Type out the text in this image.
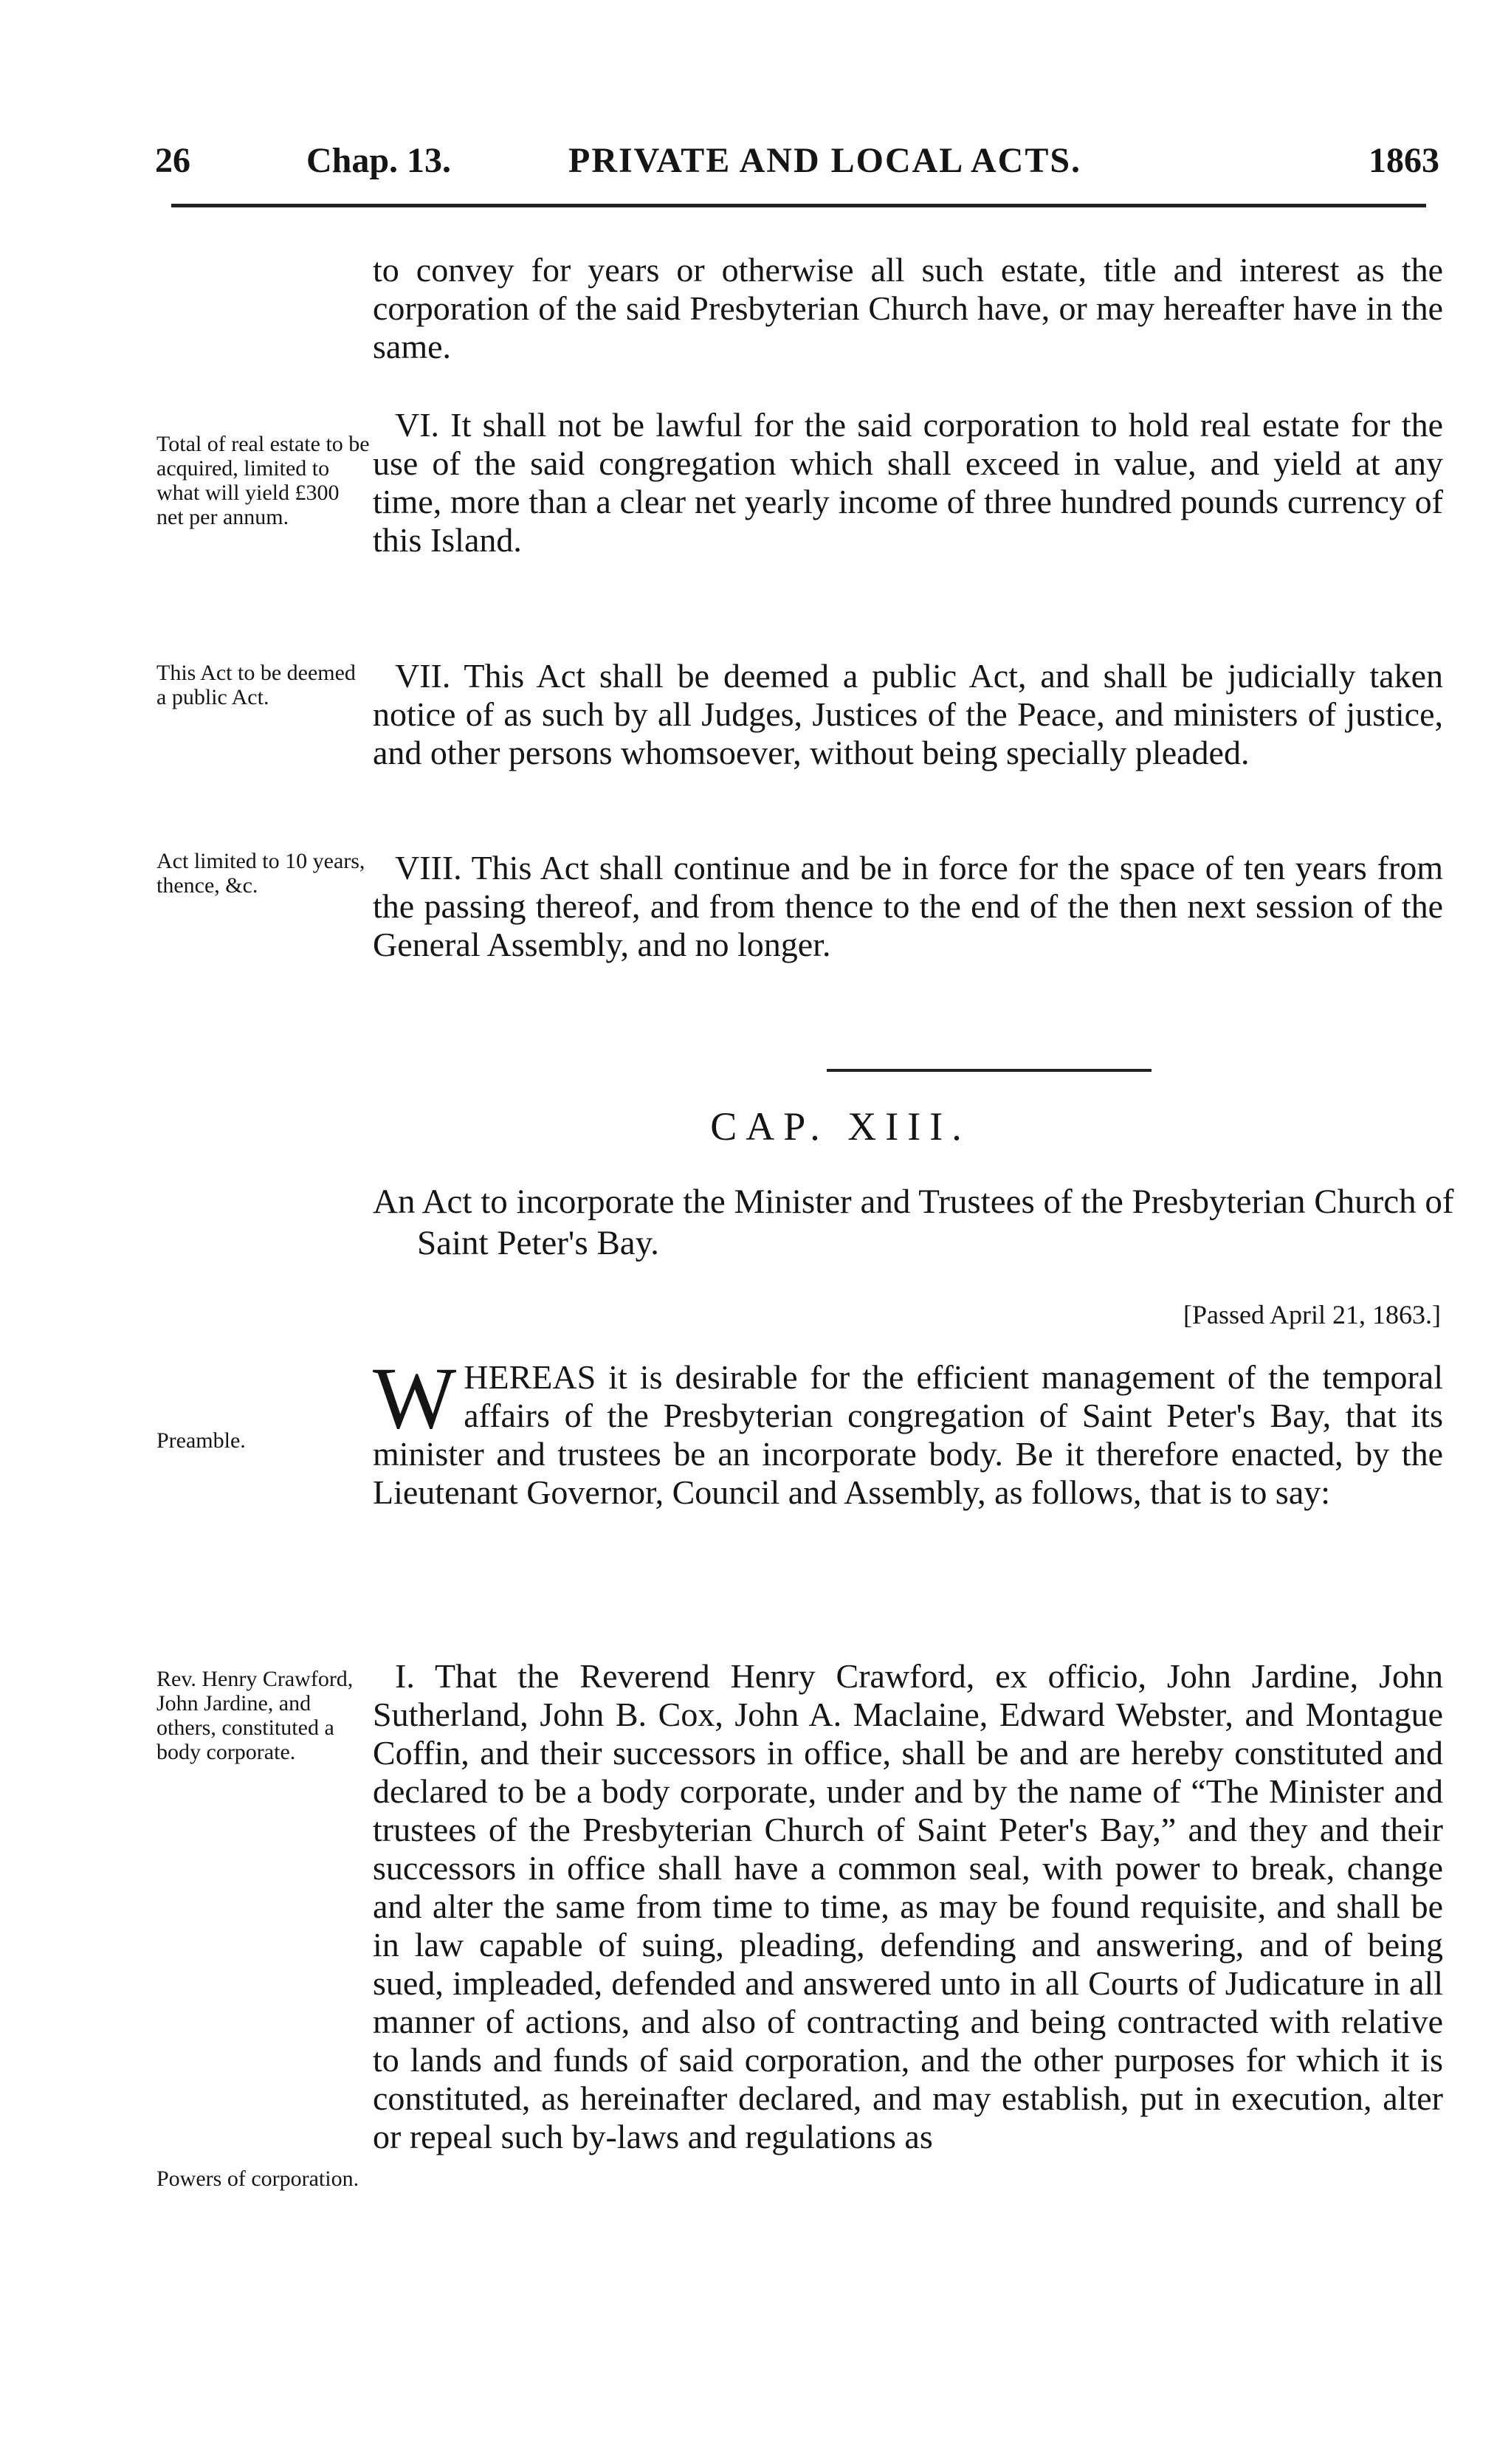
26	Chap. 13.	PRIVATE AND LOCAL ACTS.	1863

to convey for years or otherwise all such estate, title and interest as the corporation of the said Presbyterian Church have, or may hereafter have in the same.

VI. It shall not be lawful for the said corporation to hold real estate for the use of the said congregation which shall exceed in value, and yield at any time, more than a clear net yearly income of three hundred pounds currency of this Island.

Total of real estate to be acquired, limited to what will yield £300 net per annum.

VII. This Act shall be deemed a public Act, and shall be judicially taken notice of as such by all Judges, Justices of the Peace, and ministers of justice, and other persons whomsoever, without being specially pleaded.

This Act to be deemed a public Act.

VIII. This Act shall continue and be in force for the space of ten years from the passing thereof, and from thence to the end of the then next session of the General Assembly, and no longer.

Act limited to 10 years, thence, &c.
CAP. XIII.
An Act to incorporate the Minister and Trustees of the Presbyterian Church of Saint Peter's Bay.
[Passed April 21, 1863.]
W HEREAS it is desirable for the efficient management of the temporal affairs of the Presbyterian congregation of Saint Peter's Bay, that its minister and trustees be an incorporate body. Be it therefore enacted, by the Lieutenant Governor, Council and Assembly, as follows, that is to say:
Preamble.

I. That the Reverend Henry Crawford, ex officio, John Jardine, John Sutherland, John B. Cox, John A. Maclaine, Edward Webster, and Montague Coffin, and their successors in office, shall be and are hereby constituted and declared to be a body corporate, under and by the name of “The Minister and trustees of the Presbyterian Church of Saint Peter's Bay,” and they and their successors in office shall have a common seal, with power to break, change and alter the same from time to time, as may be found requisite, and shall be in law capable of suing, pleading, defending and answering, and of being sued, impleaded, defended and answered unto in all Courts of Judicature in all manner of actions, and also of contracting and being contracted with relative to lands and funds of said corporation, and the other purposes for which it is constituted, as hereinafter declared, and may establish, put in execution, alter or repeal such by-laws and regulations as

Rev. Henry Crawford, John Jardine, and others, constituted a body corporate.
Powers of corporation.
